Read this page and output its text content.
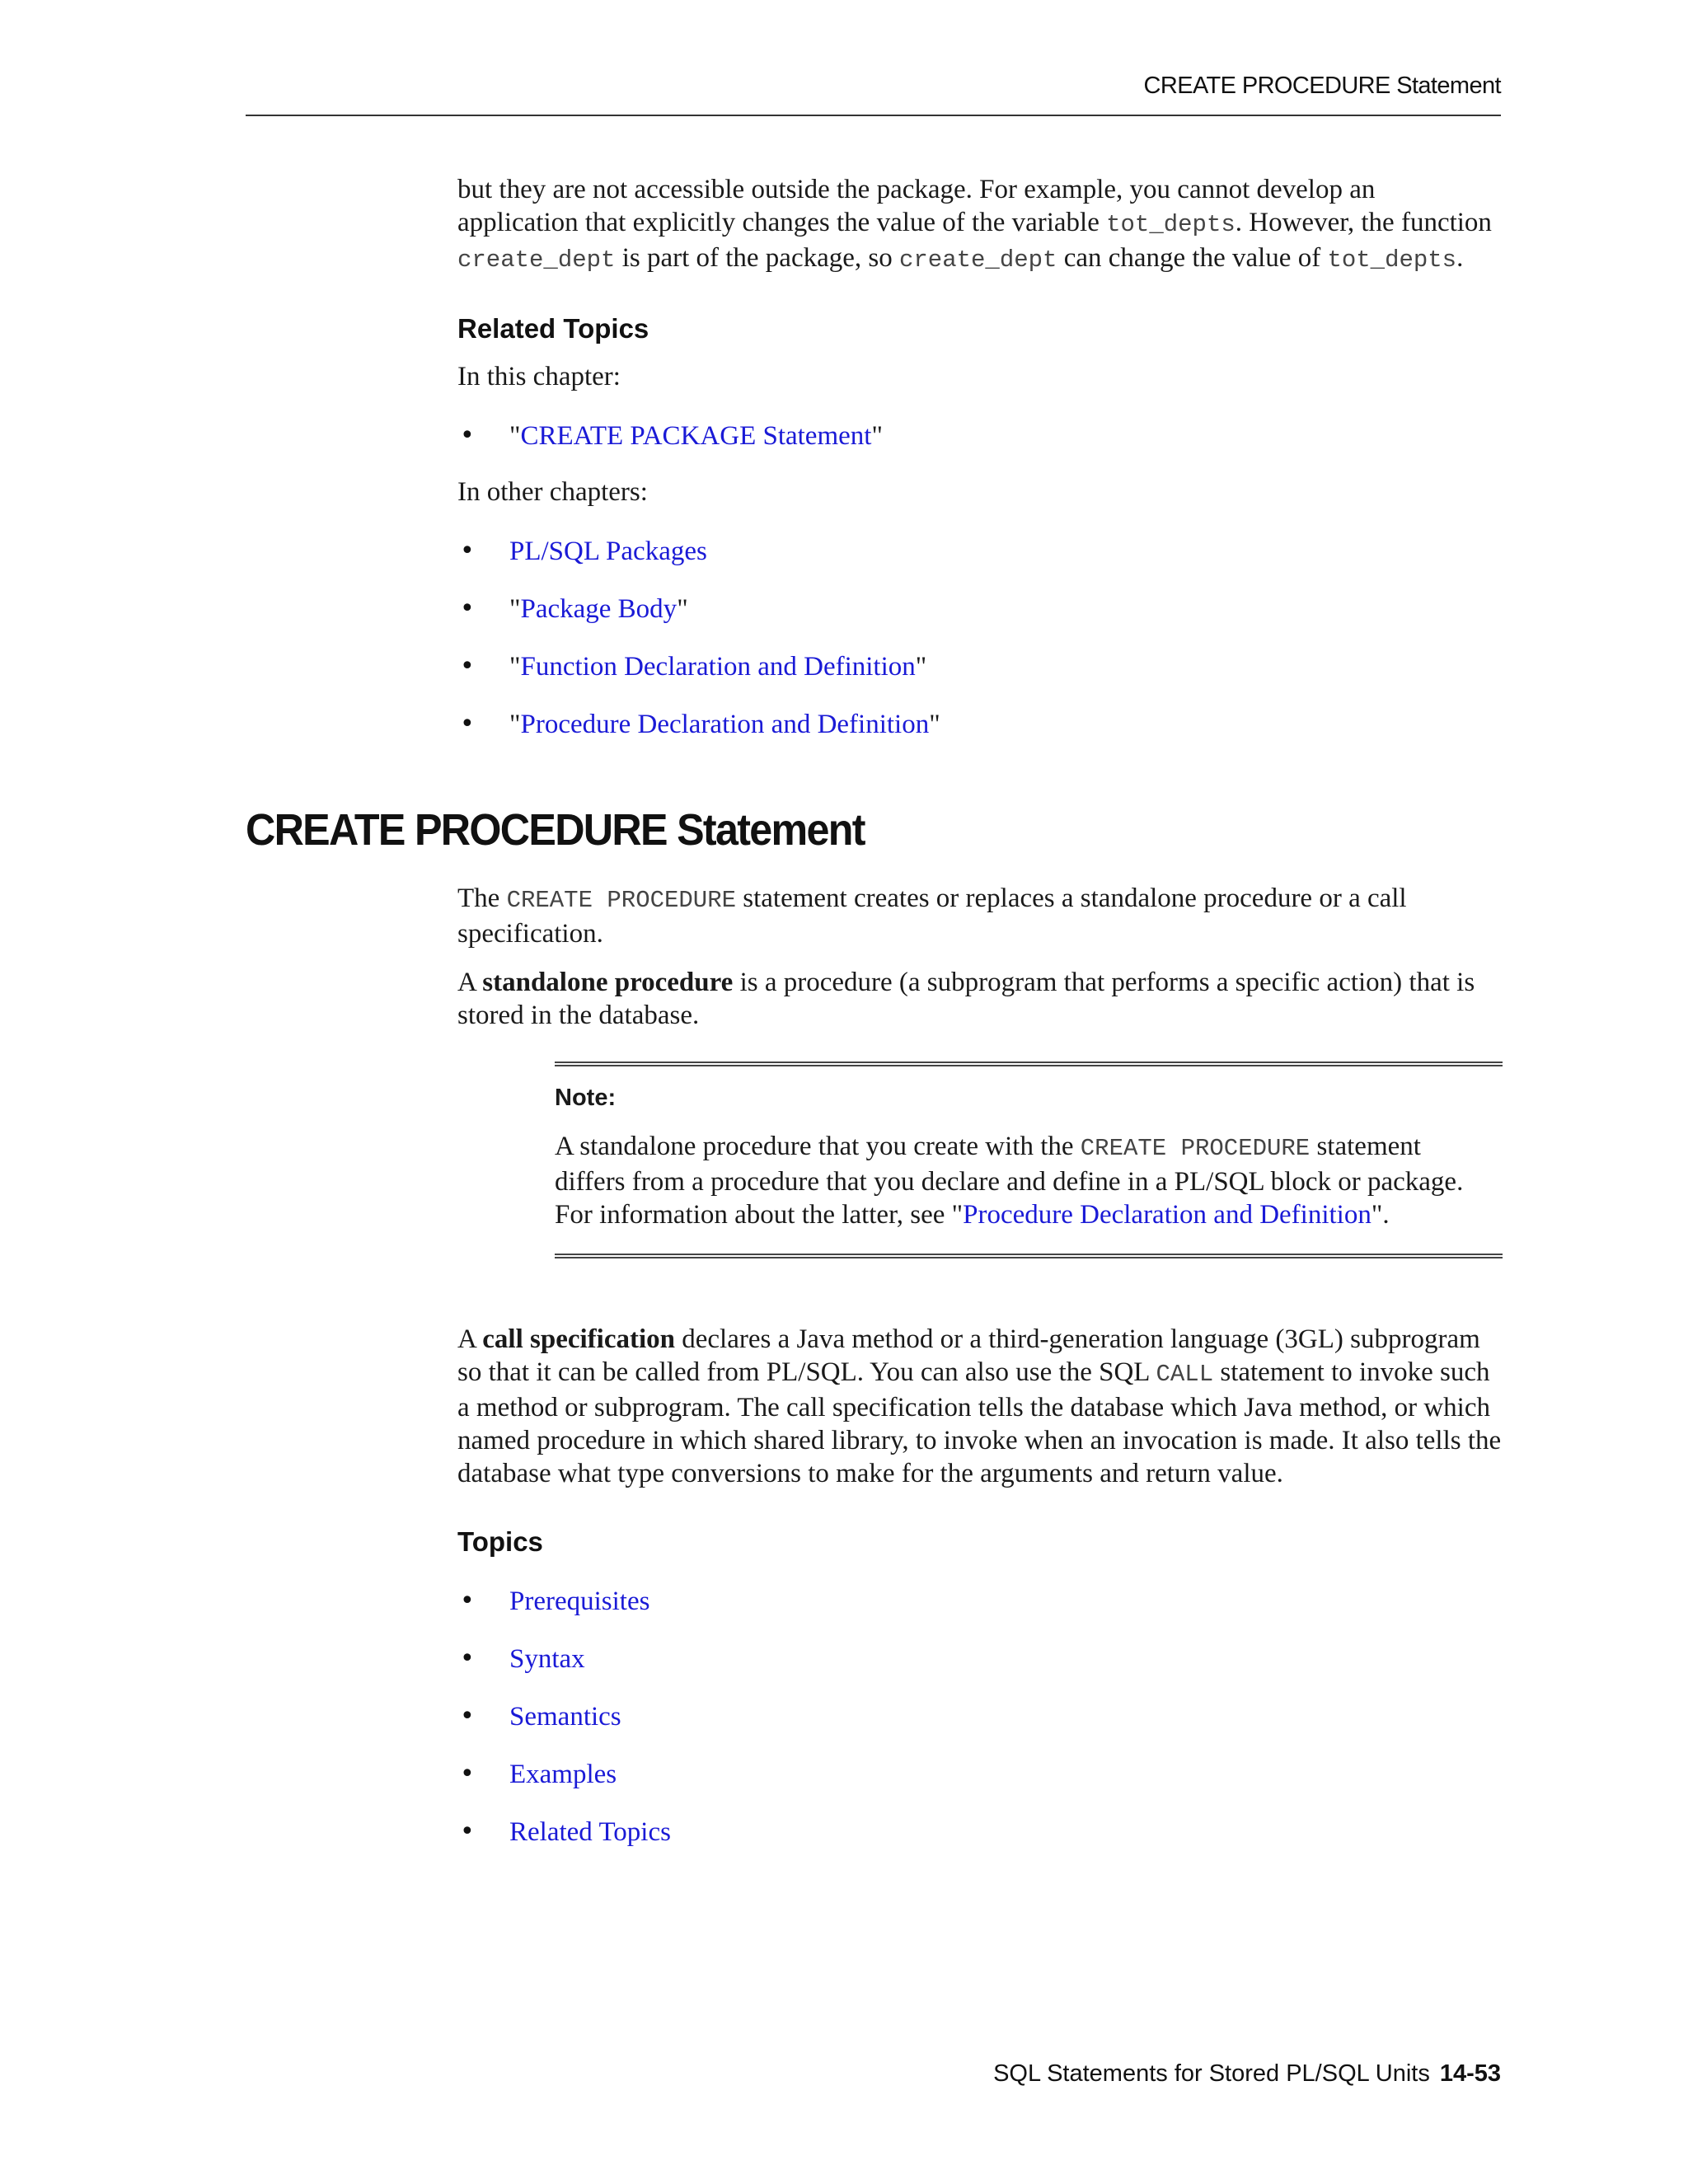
CREATE PROCEDURE Statement

but they are not accessible outside the package. For example, you cannot develop an application that explicitly changes the value of the variable tot_depts. However, the function create_dept is part of the package, so create_dept can change the value of tot_depts.

Related Topics

In this chapter:

• "CREATE PACKAGE Statement"

In other chapters:

• PL/SQL Packages
• "Package Body"
• "Function Declaration and Definition"
• "Procedure Declaration and Definition"
CREATE PROCEDURE Statement

The CREATE PROCEDURE statement creates or replaces a standalone procedure or a call specification.

A standalone procedure is a procedure (a subprogram that performs a specific action) that is stored in the database.

Note:
A standalone procedure that you create with the CREATE PROCEDURE statement differs from a procedure that you declare and define in a PL/SQL block or package. For information about the latter, see "Procedure Declaration and Definition".

A call specification declares a Java method or a third-generation language (3GL) subprogram so that it can be called from PL/SQL. You can also use the SQL CALL statement to invoke such a method or subprogram. The call specification tells the database which Java method, or which named procedure in which shared library, to invoke when an invocation is made. It also tells the database what type conversions to make for the arguments and return value.

Topics
• Prerequisites
• Syntax
• Semantics
• Examples
• Related Topics
SQL Statements for Stored PL/SQL Units 14-53
